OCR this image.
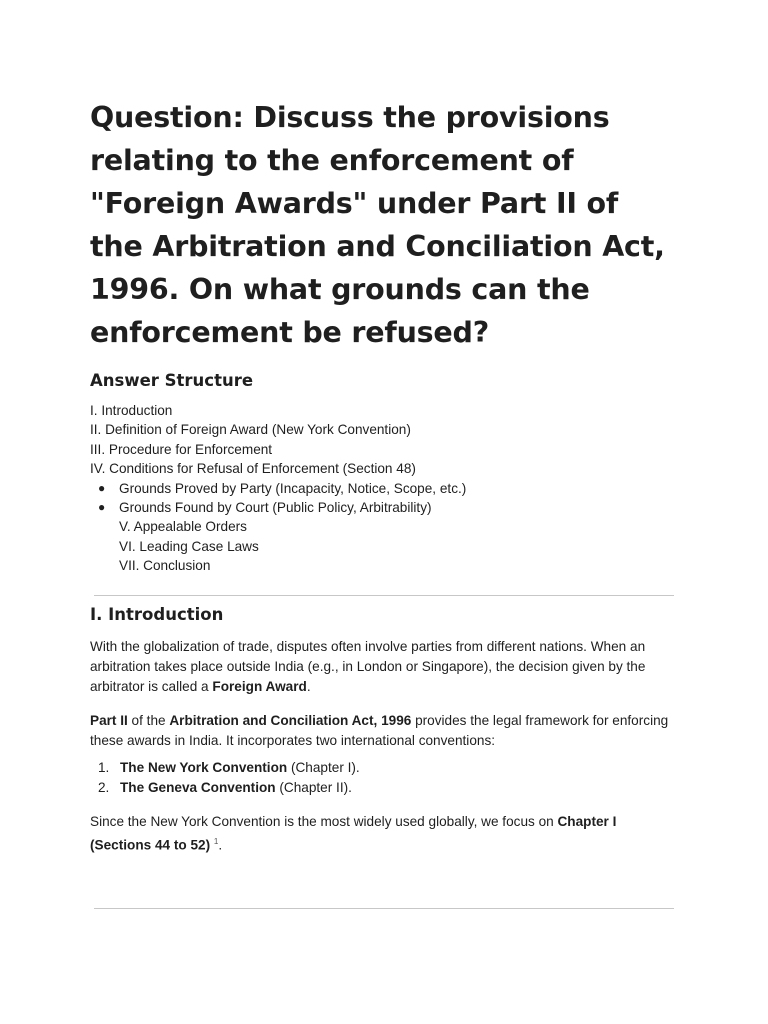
Question: Discuss the provisions relating to the enforcement of "Foreign Awards" under Part II of the Arbitration and Conciliation Act, 1996. On what grounds can the enforcement be refused?
Answer Structure
I. Introduction
II. Definition of Foreign Award (New York Convention)
III. Procedure for Enforcement
IV. Conditions for Refusal of Enforcement (Section 48)
● Grounds Proved by Party (Incapacity, Notice, Scope, etc.)
● Grounds Found by Court (Public Policy, Arbitrability)
V. Appealable Orders
VI. Leading Case Laws
VII. Conclusion
I. Introduction

With the globalization of trade, disputes often involve parties from different nations. When an arbitration takes place outside India (e.g., in London or Singapore), the decision given by the arbitrator is called a Foreign Award.

Part II of the Arbitration and Conciliation Act, 1996 provides the legal framework for enforcing these awards in India. It incorporates two international conventions:

1. The New York Convention (Chapter I).
2. The Geneva Convention (Chapter II).

Since the New York Convention is the most widely used globally, we focus on Chapter I (Sections 44 to 52) $^1$.
